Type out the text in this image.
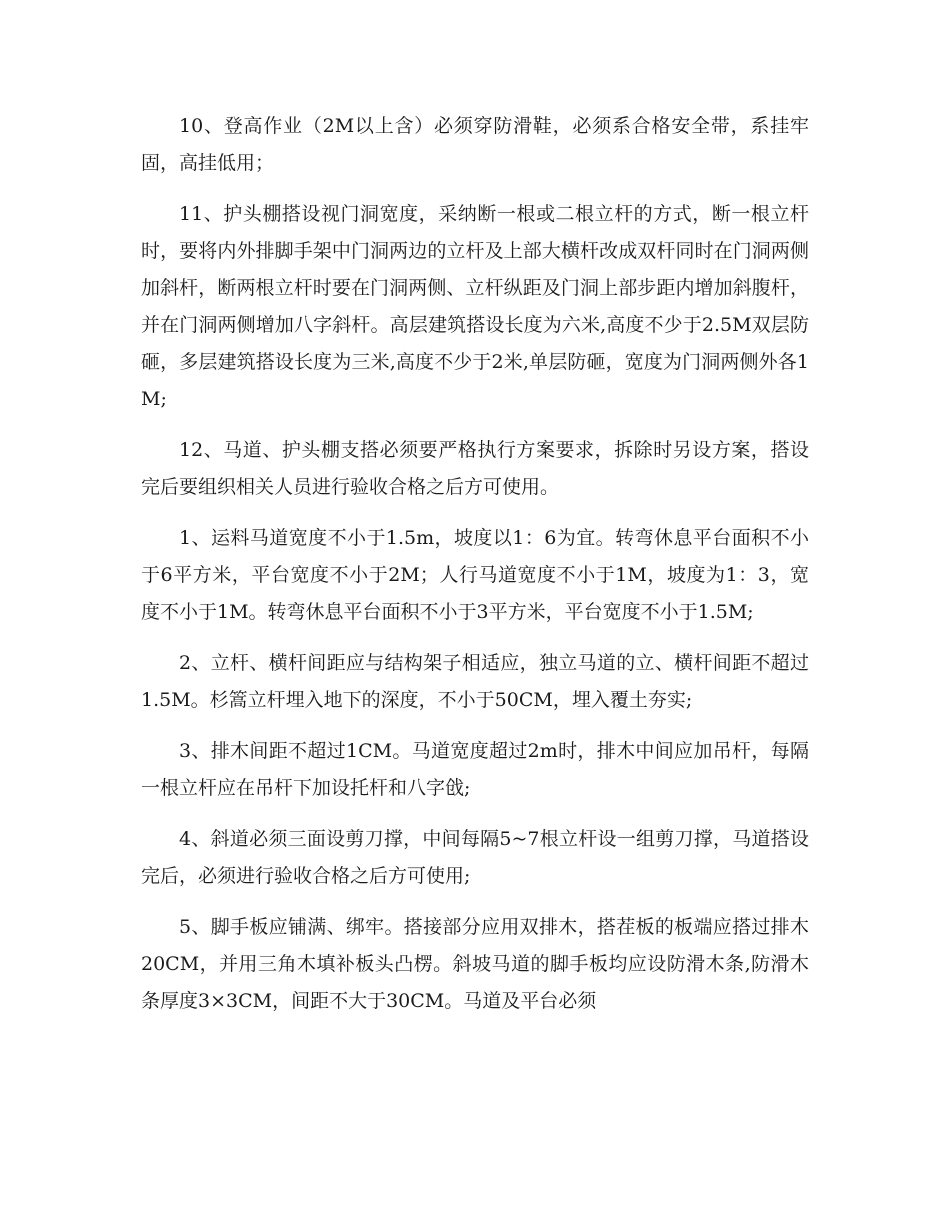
10、登高作业（2M以上含）必须穿防滑鞋，必须系合格安全带，系挂牢固，高挂低用；

11、护头棚搭设视门洞宽度，采纳断一根或二根立杆的方式，断一根立杆时，要将内外排脚手架中门洞两边的立杆及上部大横杆改成双杆同时在门洞两侧加斜杆，断两根立杆时要在门洞两侧、立杆纵距及门洞上部步距内增加斜腹杆，并在门洞两侧增加八字斜杆。高层建筑搭设长度为六米,高度不少于2.5M双层防砸，多层建筑搭设长度为三米,高度不少于2米,单层防砸，宽度为门洞两侧外各1M;

12、马道、护头棚支搭必须要严格执行方案要求，拆除时另设方案，搭设完后要组织相关人员进行验收合格之后方可使用。

1、运料马道宽度不小于1.5m，坡度以1：6为宜。转弯休息平台面积不小于6平方米，平台宽度不小于2M；人行马道宽度不小于1M，坡度为1：3，宽度不小于1M。转弯休息平台面积不小于3平方米，平台宽度不小于1.5M;

2、立杆、横杆间距应与结构架子相适应，独立马道的立、横杆间距不超过1.5M。杉篙立杆埋入地下的深度，不小于50CM，埋入覆土夯实;

3、排木间距不超过1CM。马道宽度超过2m时，排木中间应加吊杆，每隔一根立杆应在吊杆下加设托杆和八字戗;

4、斜道必须三面设剪刀撑，中间每隔5~7根立杆设一组剪刀撑，马道搭设完后，必须进行验收合格之后方可使用;

5、脚手板应铺满、绑牢。搭接部分应用双排木，搭茬板的板端应搭过排木20CM，并用三角木填补板头凸楞。斜坡马道的脚手板均应设防滑木条,防滑木条厚度3×3CM，间距不大于30CM。马道及平台必须
